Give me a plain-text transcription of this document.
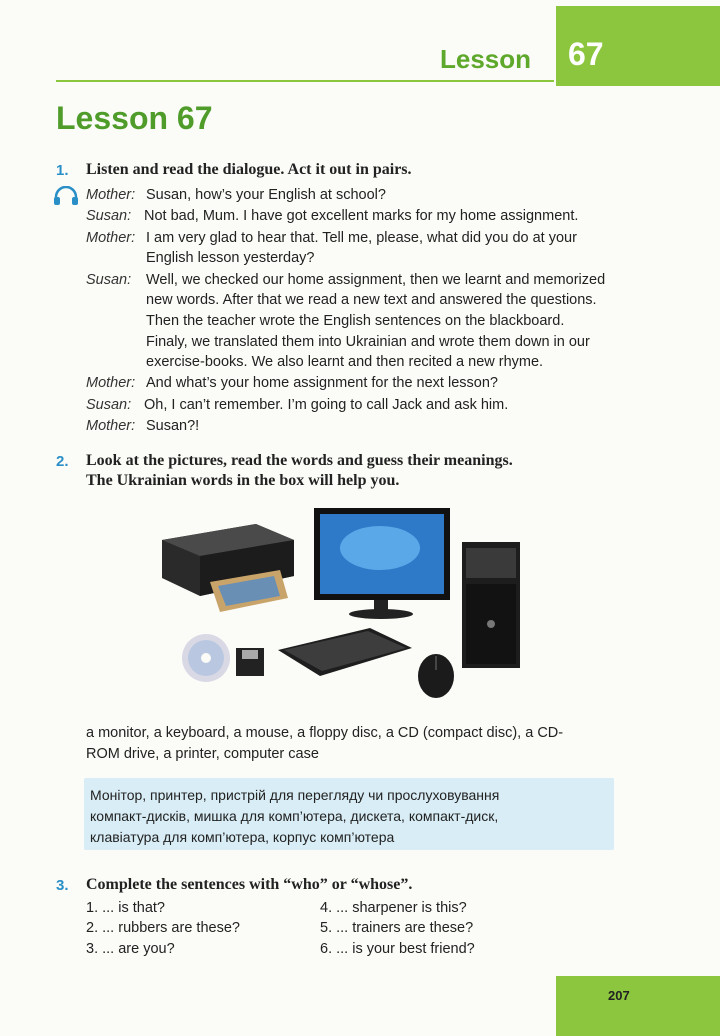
Lesson 67
Lesson 67
1. Listen and read the dialogue. Act it out in pairs.
Mother:
Susan:
Mother:
Susan:
Mother:
Susan:
Mother:
Susan, how’s your English at school?
Not bad, Mum. I have got excellent marks for my home assignment.
I am very glad to hear that. Tell me, please, what did you do at your
English lesson yesterday?
Well, we checked our home assignment, then we learnt and memorized
new words. After that we read a new text and answered the questions.
Then the teacher wrote the English sentences on the blackboard.
Finaly, we translated them into Ukrainian and wrote them down in our
exercise-books. We also learnt and then recited a new rhyme.
And what’s your home assignment for the next lesson?
Oh, I can’t remember. I’m going to call Jack and ask him.
Susan?!
2. Look at the pictures, read the words and guess their meanings.
The Ukrainian words in the box will help you.
a monitor, a keyboard, a mouse, a floppy disc, a CD (compact disc), a CD-
ROM drive, a printer, computer case
Монітор, принтер, пристрій для перегляду чи прослуховування
компакт-дисків, мишка для комп’ютера, дискета, компакт-диск,
клавіатура для комп’ютера, корпус комп’ютера
3. Complete the sentences with “who” or “whose”.
1. ... is that?
2. ... rubbers are these?
3. ... are you?
4. ... sharpener is this?
5. ... trainers are these?
6. ... is your best friend?
207
